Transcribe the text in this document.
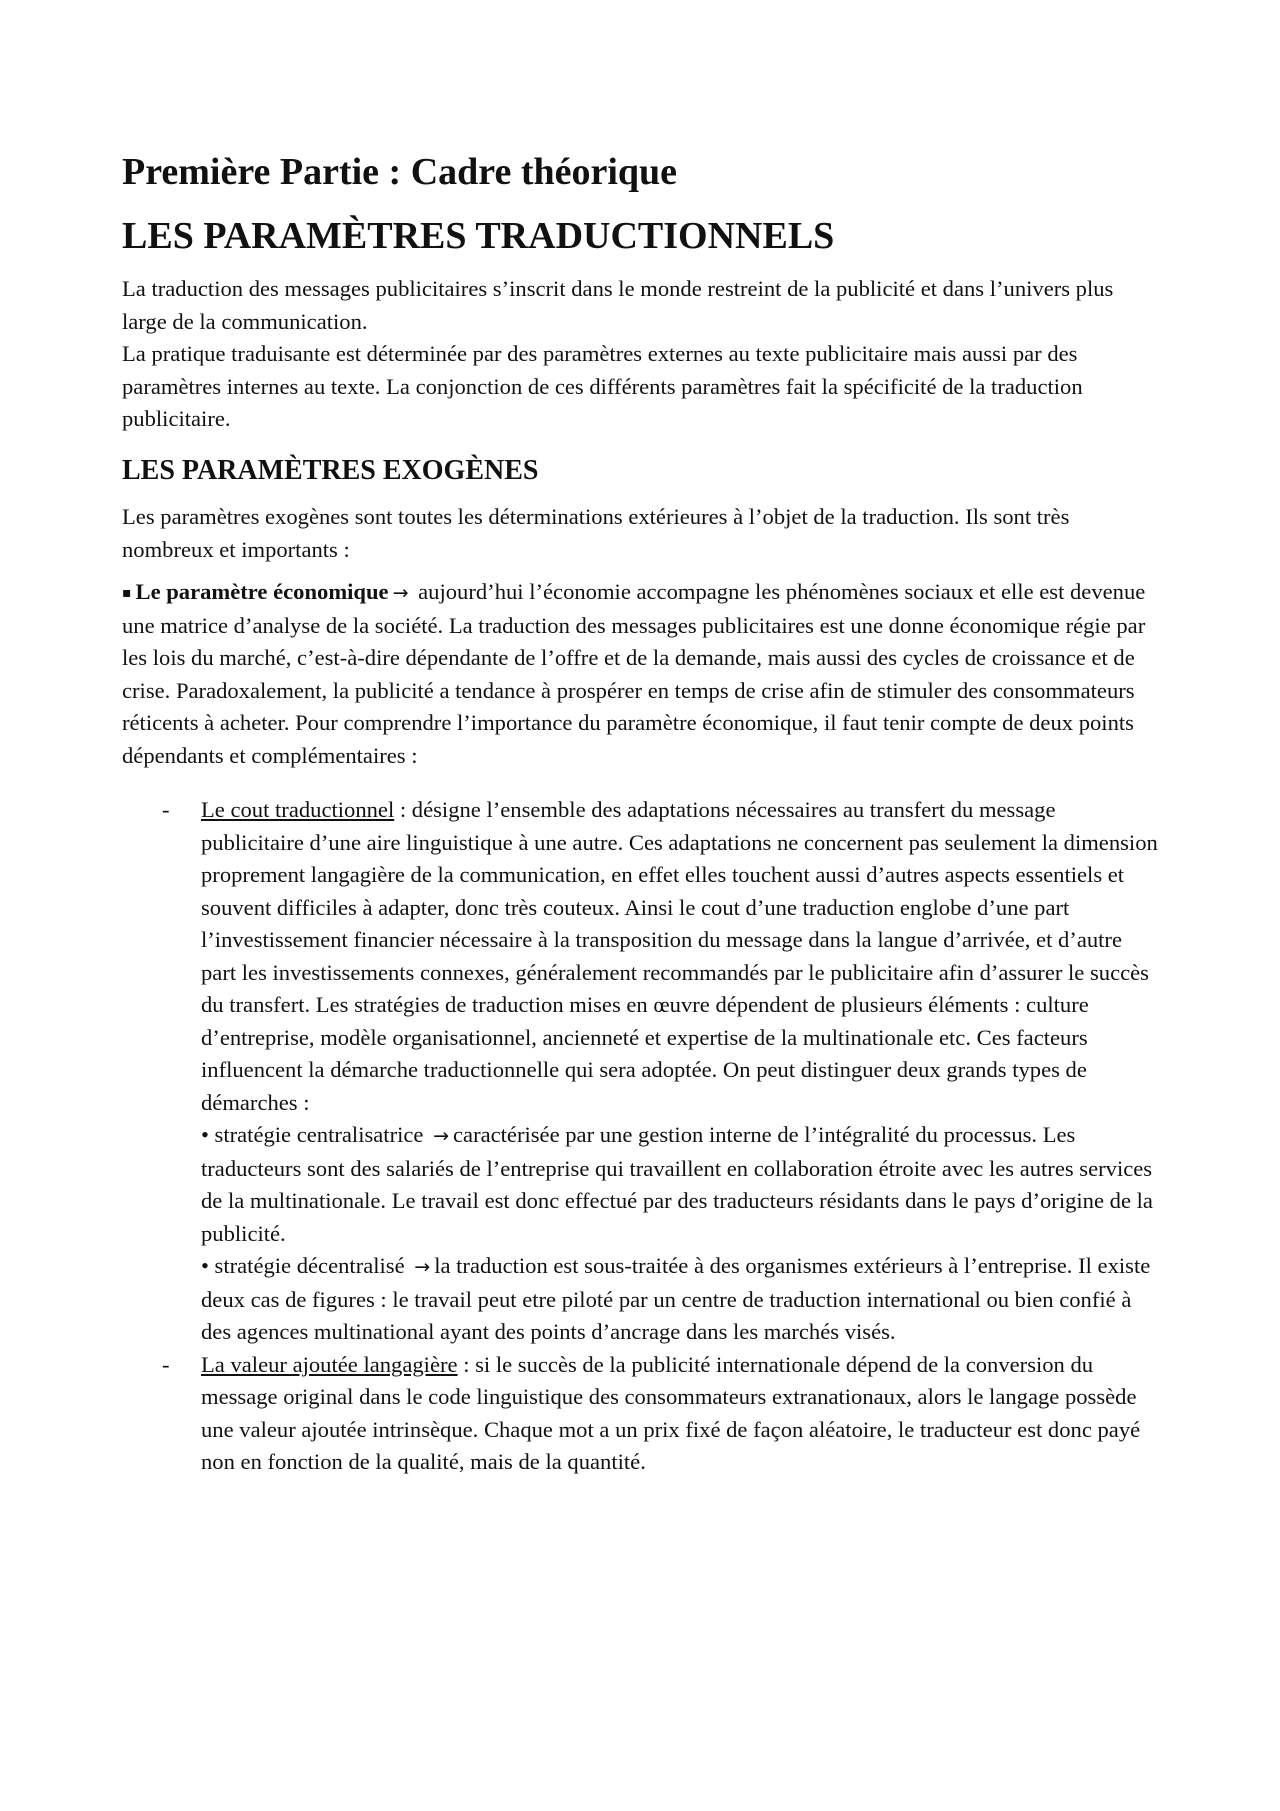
Première Partie : Cadre théorique
LES PARAMÈTRES TRADUCTIONNELS

La traduction des messages publicitaires s’inscrit dans le monde restreint de la publicité et dans l’univers plus large de la communication.

La pratique traduisante est déterminée par des paramètres externes au texte publicitaire mais aussi par des paramètres internes au texte. La conjonction de ces différents paramètres fait la spécificité de la traduction publicitaire.

LES PARAMÈTRES EXOGÈNES

Les paramètres exogènes sont toutes les déterminations extérieures à l’objet de la traduction. Ils sont très nombreux et importants :

▪ Le paramètre économique → aujourd’hui l’économie accompagne les phénomènes sociaux et elle est devenue une matrice d’analyse de la société. La traduction des messages publicitaires est une donne économique régie par les lois du marché, c’est-à-dire dépendante de l’offre et de la demande, mais aussi des cycles de croissance et de crise. Paradoxalement, la publicité a tendance à prospérer en temps de crise afin de stimuler des consommateurs réticents à acheter. Pour comprendre l’importance du paramètre économique, il faut tenir compte de deux points dépendants et complémentaires :

- Le cout traductionnel : désigne l’ensemble des adaptations nécessaires au transfert du message publicitaire d’une aire linguistique à une autre. Ces adaptations ne concernent pas seulement la dimension proprement langagière de la communication, en effet elles touchent aussi d’autres aspects essentiels et souvent difficiles à adapter, donc très couteux. Ainsi le cout d’une traduction englobe d’une part l’investissement financier nécessaire à la transposition du message dans la langue d’arrivée, et d’autre part les investissements connexes, généralement recommandés par le publicitaire afin d’assurer le succès du transfert. Les stratégies de traduction mises en œuvre dépendent de plusieurs éléments : culture d’entreprise, modèle organisationnel, ancienneté et expertise de la multinationale etc. Ces facteurs influencent la démarche traductionnelle qui sera adoptée. On peut distinguer deux grands types de démarches :
• stratégie centralisatrice → caractérisée par une gestion interne de l’intégralité du processus. Les traducteurs sont des salariés de l’entreprise qui travaillent en collaboration étroite avec les autres services de la multinationale. Le travail est donc effectué par des traducteurs résidants dans le pays d’origine de la publicité.
• stratégie décentralisé → la traduction est sous-traitée à des organismes extérieurs à l’entreprise. Il existe deux cas de figures : le travail peut etre piloté par un centre de traduction international ou bien confié à des agences multinational ayant des points d’ancrage dans les marchés visés.
- La valeur ajoutée langagière : si le succès de la publicité internationale dépend de la conversion du message original dans le code linguistique des consommateurs extranationaux, alors le langage possède une valeur ajoutée intrinsèque. Chaque mot a un prix fixé de façon aléatoire, le traducteur est donc payé non en fonction de la qualité, mais de la quantité.
